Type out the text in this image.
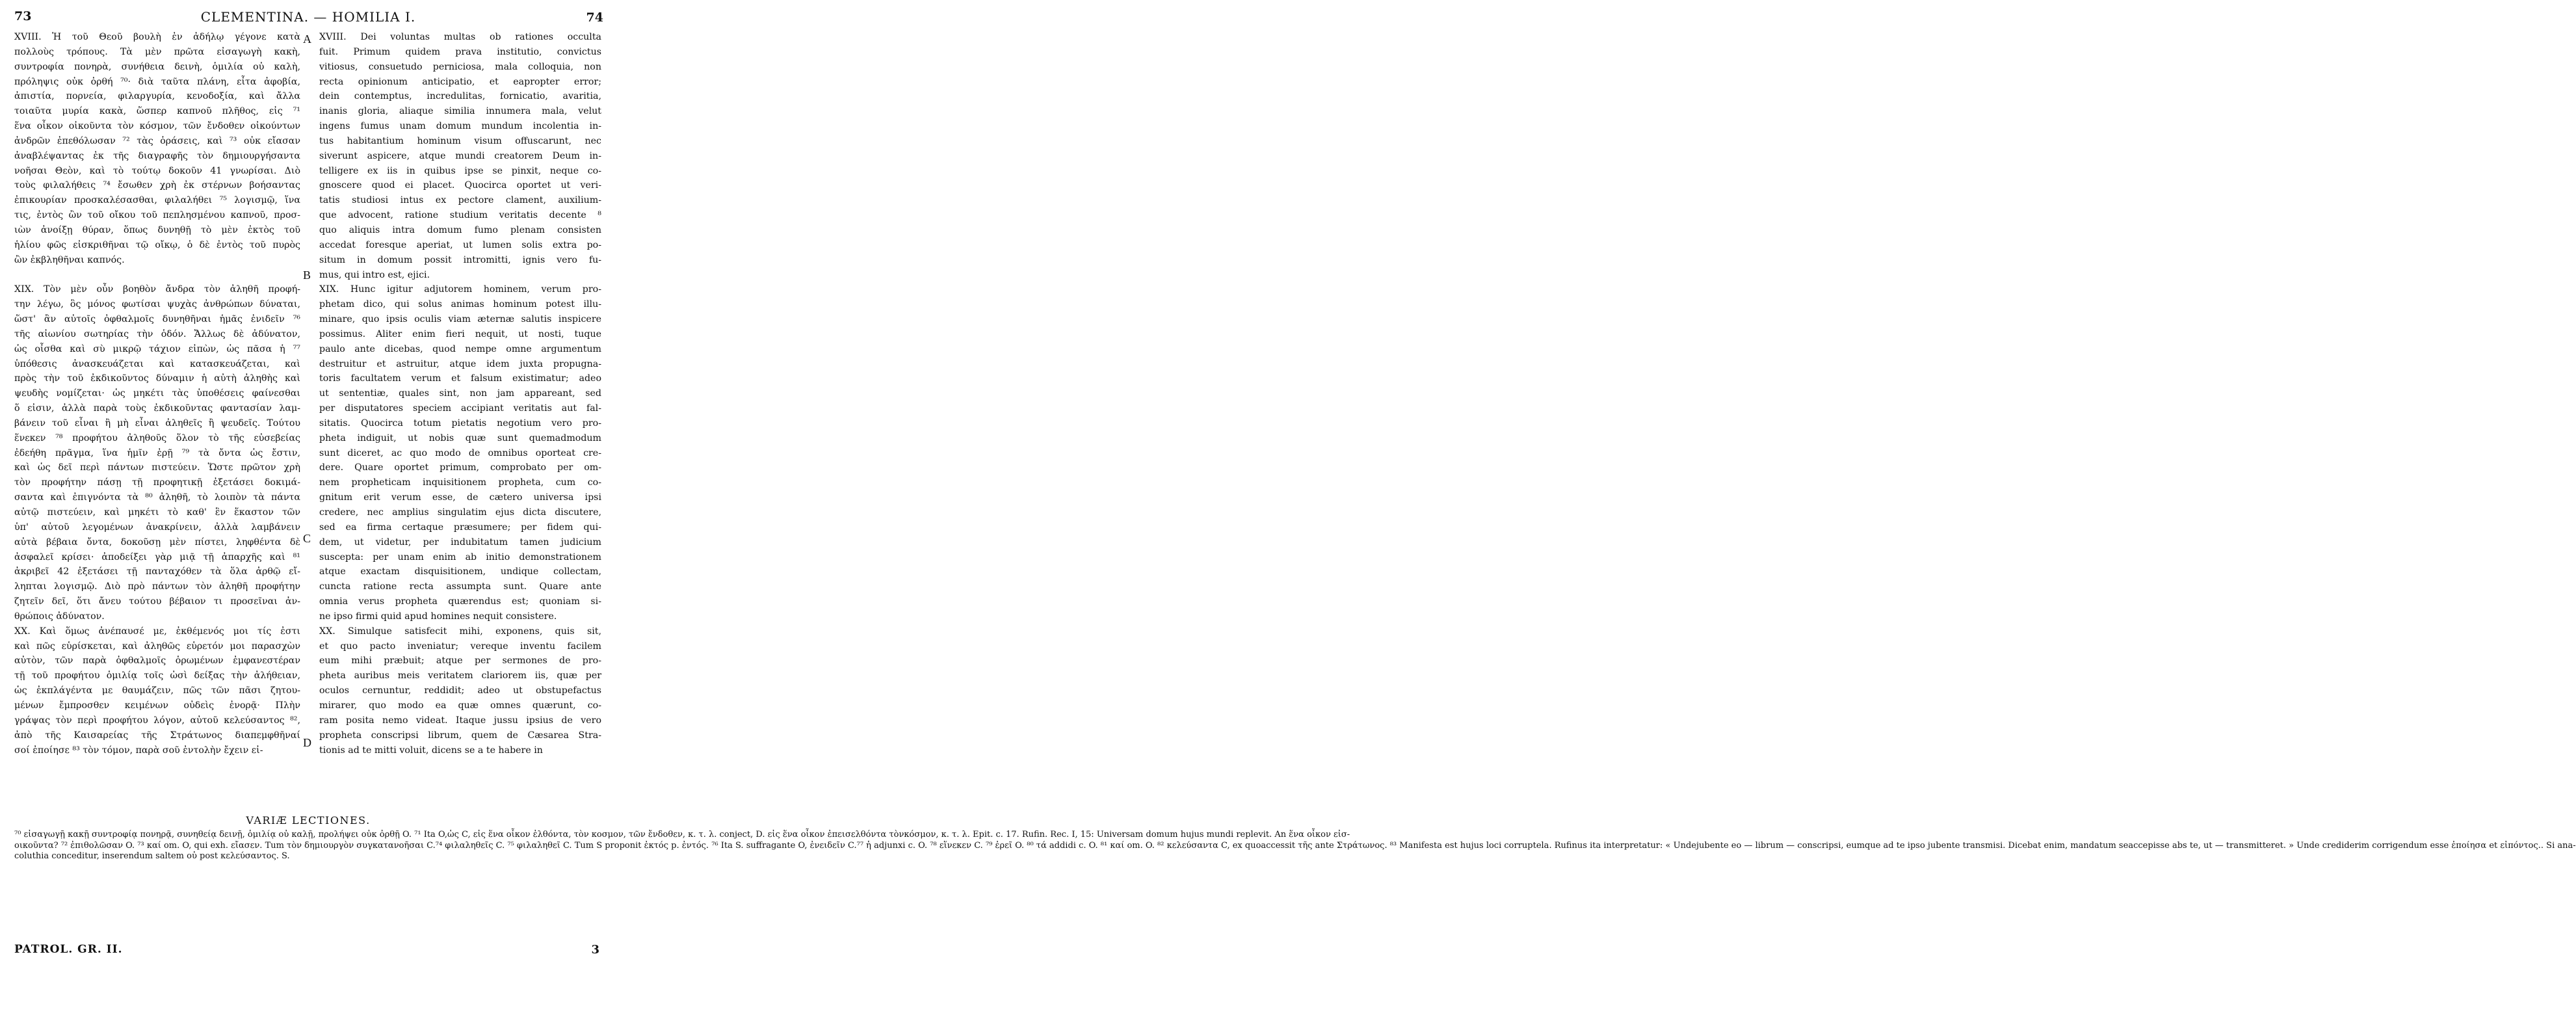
73	CLEMENTINA. — HOMILIA I.	74
XVIII. Ἡ τοῦ Θεοῦ βουλὴ ἐν ἀδήλῳ γέγονε κατὰ
πολλοὺς τρόπους. Τὰ μὲν πρῶτα εἰσαγωγὴ κακὴ,
συντροφία πονηρὰ, συνήθεια δεινὴ, ὁμιλία οὐ καλὴ,
πρόληψις οὐκ ὀρθή ⁷⁰· διὰ ταῦτα πλάνη, εἶτα ἀφοβία,
ἀπιστία, πορνεία, φιλαργυρία, κενοδοξία, καὶ ἄλλα
τοιαῦτα μυρία κακὰ, ὥσπερ καπνοῦ πλῆθος, εἰς ⁷¹
ἕνα οἶκον οἰκοῦντα τὸν κόσμον, τῶν ἔνδοθεν οἰκούντων
ἀνδρῶν ἐπεθόλωσαν ⁷² τὰς ὁράσεις, καὶ ⁷³ οὐκ εἴασαν
ἀναβλέψαντας ἐκ τῆς διαγραφῆς τὸν δημιουργήσαντα
νοῆσαι Θεὸν, καὶ τὸ τούτῳ δοκοῦν 41 γνωρίσαι. Διὸ
τοὺς φιλαλήθεις ⁷⁴ ἔσωθεν χρὴ ἐκ στέρνων βοήσαντας
ἐπικουρίαν προσκαλέσασθαι, φιλαλήθει ⁷⁵ λογισμῷ, ἵνα
τις, ἐντὸς ὢν τοῦ οἴκου τοῦ πεπλησμένου καπνοῦ, προσ-
ιὼν ἀνοίξῃ θύραν, ὅπως δυνηθῇ τὸ μὲν ἐκτὸς τοῦ
ἡλίου φῶς εἰσκριθῆναι τῷ οἴκῳ, ὁ δὲ ἐντὸς τοῦ πυρὸς
ὢν ἐκβληθῆναι καπνός.

XIX. Τὸν μὲν οὖν βοηθὸν ἄνδρα τὸν ἀληθῆ προφή-
την λέγω, ὃς μόνος φωτίσαι ψυχὰς ἀνθρώπων δύναται,
ὥστ' ἂν αὐτοῖς ὀφθαλμοῖς δυνηθῆναι ἡμᾶς ἐνιδεῖν ⁷⁶
τῆς αἰωνίου σωτηρίας τὴν ὁδόν. Ἄλλως δὲ ἀδύνατον,
ὡς οἶσθα καὶ σὺ μικρῷ τάχιον εἰπὼν, ὡς πᾶσα ἡ ⁷⁷
ὑπόθεσις ἀνασκευάζεται καὶ κατασκευάζεται, καὶ
πρὸς τὴν τοῦ ἐκδικοῦντος δύναμιν ἡ αὐτὴ ἀληθὴς καὶ
ψευδὴς νομίζεται· ὡς μηκέτι τὰς ὑποθέσεις φαίνεσθαι
ὅ εἰσιν, ἀλλὰ παρὰ τοὺς ἐκδικοῦντας φαντασίαν λαμ-
βάνειν τοῦ εἶναι ἢ μὴ εἶναι ἀληθεῖς ἢ ψευδεῖς. Τούτου
ἕνεκεν ⁷⁸ προφήτου ἀληθοῦς ὅλον τὸ τῆς εὐσεβείας
ἐδεήθη πρᾶγμα, ἵνα ἡμῖν ἐρῇ ⁷⁹ τὰ ὄντα ὡς ἔστιν,
καὶ ὡς δεῖ περὶ πάντων πιστεύειν. Ὥστε πρῶτον χρὴ
τὸν προφήτην πάσῃ τῇ προφητικῇ ἐξετάσει δοκιμά-
σαντα καὶ ἐπιγνόντα τὰ ⁸⁰ ἀληθῆ, τὸ λοιπὸν τὰ πάντα
αὐτῷ πιστεύειν, καὶ μηκέτι τὸ καθ' ἓν ἕκαστον τῶν
ὑπ' αὐτοῦ λεγομένων ἀνακρίνειν, ἀλλὰ λαμβάνειν
αὐτὰ βέβαια ὄντα, δοκοῦσῃ μὲν πίστει, ληφθέντα δὲ
ἀσφαλεῖ κρίσει· ἀποδείξει γὰρ μιᾷ τῇ ἀπαρχῆς καὶ ⁸¹
ἀκριβεῖ 42 ἐξετάσει τῇ πανταχόθεν τὰ ὅλα ἀρθῷ εἴ-
ληπται λογισμῷ. Διὸ πρὸ πάντων τὸν ἀληθῆ προφήτην
ζητεῖν δεῖ, ὅτι ἄνευ τούτου βέβαιον τι προσεῖναι ἀν-
θρώποις ἀδύνατον.
XX. Καὶ ὅμως ἀνέπαυσέ με, ἐκθέμενός μοι τίς ἐστι
καὶ πῶς εὑρίσκεται, καὶ ἀληθῶς εὑρετόν μοι παρασχὼν
αὐτὸν, τῶν παρὰ ὀφθαλμοῖς ὁρωμένων ἐμφανεστέραν
τῇ τοῦ προφήτου ὁμιλίᾳ τοῖς ὠσὶ δείξας τὴν ἀλήθειαν,
ὡς ἐκπλάγέντα με θαυμάζειν, πῶς τῶν πᾶσι ζητου-
μένων ἔμπροσθεν κειμένων οὐδεὶς ἐνορᾷ· Πλὴν
γράψας τὸν περὶ προφήτου λόγον, αὐτοῦ κελεύσαντος ⁸²,
ἀπὸ τῆς Καισαρείας τῆς Στράτωνος διαπεμφθῆναί
σοί ἐποίησε ⁸³ τὸν τόμον, παρὰ σοῦ ἐντολὴν ἔχειν εἰ-
XVIII. Dei voluntas multas ob rationes occulta
fuit. Primum quidem prava institutio, convictus
vitiosus, consuetudo perniciosa, mala colloquia, non
recta opinionum anticipatio, et eapropter error;
dein contemptus, incredulitas, fornicatio, avaritia,
inanis gloria, aliaque similia innumera mala, velut
ingens fumus unam domum mundum incolentia in-
tus habitantium hominum visum offuscarunt, nec
siverunt aspicere, atque mundi creatorem Deum in-
telligere ex iis in quibus ipse se pinxit, neque co-
gnoscere quod ei placet. Quocirca oportet ut veri-
tatis studiosi intus ex pectore clament, auxilium-
que advocent, ratione studium veritatis decente ⁸
quo aliquis intra domum fumo plenam consisten
accedat foresque aperiat, ut lumen solis extra po-
situm in domum possit intromitti, ignis vero fu-
mus, qui intro est, ejici.
XIX. Hunc igitur adjutorem hominem, verum pro-
phetam dico, qui solus animas hominum potest illu-
minare, quo ipsis oculis viam æternæ salutis inspicere
possimus. Aliter enim fieri nequit, ut nosti, tuque
paulo ante dicebas, quod nempe omne argumentum
destruitur et astruitur, atque idem juxta propugna-
toris facultatem verum et falsum existimatur; adeo
ut sententiæ, quales sint, non jam appareant, sed
per disputatores speciem accipiant veritatis aut fal-
sitatis. Quocirca totum pietatis negotium vero pro-
pheta indiguit, ut nobis quæ sunt quemadmodum
sunt diceret, ac quo modo de omnibus oporteat cre-
dere. Quare oportet primum, comprobato per om-
nem propheticam inquisitionem propheta, cum co-
gnitum erit verum esse, de cætero universa ipsi
credere, nec amplius singulatim ejus dicta discutere,
sed ea firma certaque præsumere; per fidem qui-
dem, ut videtur, per indubitatum tamen judicium
suscepta: per unam enim ab initio demonstrationem
atque exactam disquisitionem, undique collectam,
cuncta ratione recta assumpta sunt. Quare ante
omnia verus propheta quærendus est; quoniam si-
ne ipso firmi quid apud homines nequit consistere.
XX. Simulque satisfecit mihi, exponens, quis sit,
et quo pacto inveniatur; vereque inventu facilem
eum mihi præbuit; atque per sermones de pro-
pheta auribus meis veritatem clariorem iis, quæ per
oculos cernuntur, reddidit; adeo ut obstupefactus
mirarer, quo modo ea quæ omnes quærunt, co-
ram posita nemo videat. Itaque jussu ipsius de vero
propheta conscripsi librum, quem de Cæsarea Stra-
tionis ad te mitti voluit, dicens se a te habere in
A
B
C
D
VARIÆ LECTIONES.
⁷⁰ εἰσαγωγῇ κακῇ συντροφίᾳ πονηρᾷ, συνηθείᾳ δεινῇ, ὁμιλίᾳ οὐ καλῇ, προλήψει οὐκ ὀρθῇ O. ⁷¹ Ita O,ὡς C, εἰς ἕνα οἶκον ἐλθόντα, τὸν κοσμον, τῶν ἔνδοθεν, κ. τ. λ. conject, D. εἰς ἕνα οἶκον ἐπεισελθόντα τὸνκόσμον, κ. τ. λ. Epit. c. 17. Rufin. Rec. I, 15: Universam domum hujus mundi replevit. An ἕνα οἶκον εἰσ-οικοῦντα? ⁷² ἐπιθολῶσαν O. ⁷³ καί om. O, qui exh. εἴασεν. Tum τὸν δημιουργὸν συγκατανοῆσαι C.⁷⁴ φιλαληθεῖς C. ⁷⁵ φιλαληθεῖ C. Tum S proponit ἐκτός p. ἐντός. ⁷⁶ Ita S. suffragante O, ἐνειδεῖν C.⁷⁷ ἡ adjunxi c. O. ⁷⁸ εἵνεκεν C. ⁷⁹ ἐρεῖ O. ⁸⁰ τά addidi c. O. ⁸¹ καί om. O. ⁸² κελεύσαντα C, ex quoaccessit τῆς ante Στράτωνος. ⁸³ Manifesta est hujus loci corruptela. Rufinus ita interpretatur: « Undejubente eo — librum — conscripsi, eumque ad te ipso jubente transmisi. Dicebat enim, mandatum seaccepisse abs te, ut — transmitteret. » Unde crediderim corrigendum esse ἐποίησα et εἰπόντος.. Si ana-coluthia conceditur, inserendum saltem οὐ post κελεύσαντος. S.
PATROL. GR. II.	3
